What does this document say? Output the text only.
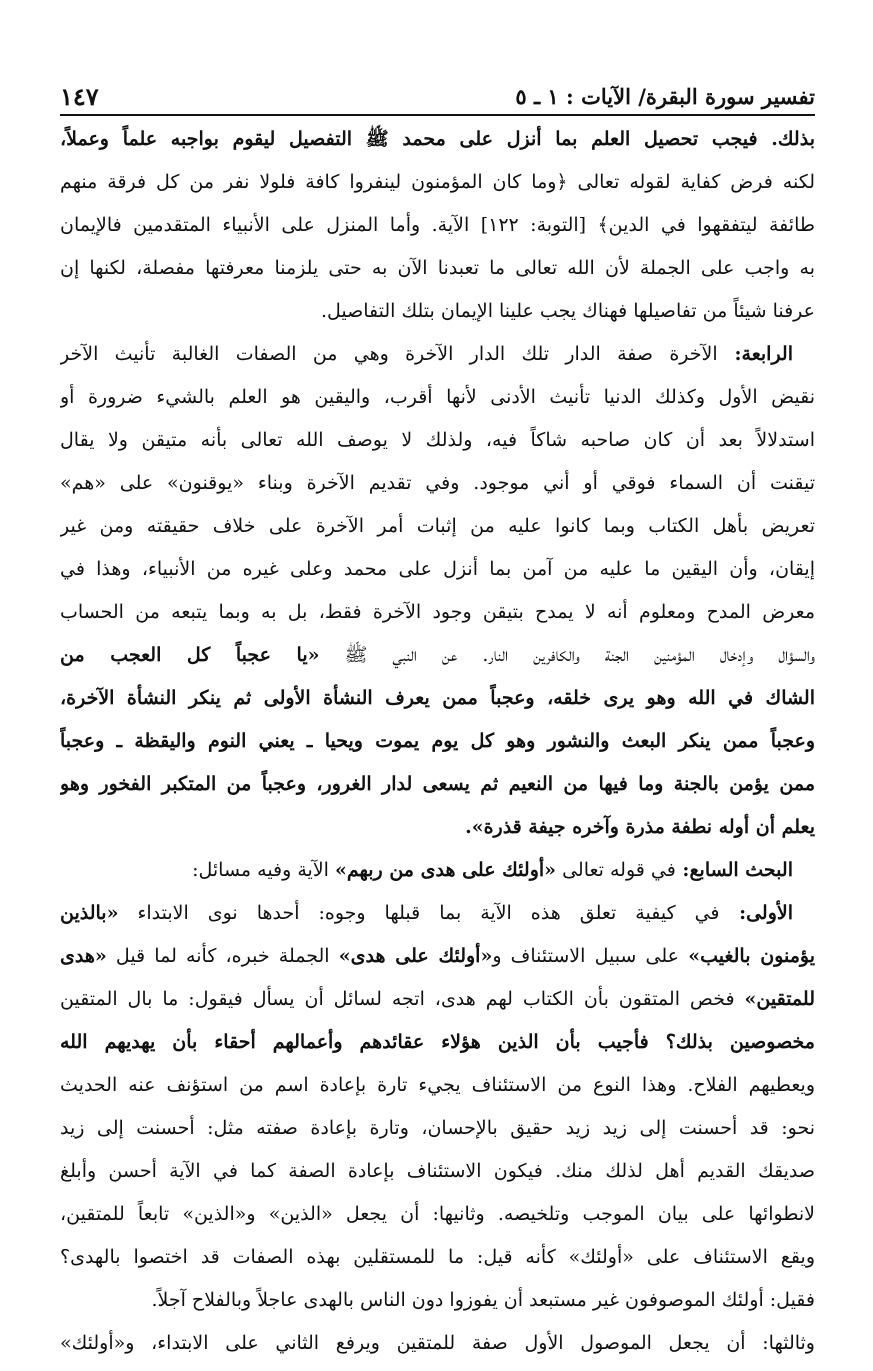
تفسير سورة البقرة/ الآيات : ١ ـ ٥
١٤٧
بذلك. فيجب تحصيل العلم بما أنزل على محمد ﷺ التفصيل ليقوم بواجبه علماً وعملاً،
لكنه فرض كفاية لقوله تعالى ﴿وما كان المؤمنون لينفروا كافة فلولا نفر من كل فرقة منهم
طائفة ليتفقهوا في الدين﴾ [التوبة: ١٢٢] الآية. وأما المنزل على الأنبياء المتقدمين فالإيمان
به واجب على الجملة لأن الله تعالى ما تعبدنا الآن به حتى يلزمنا معرفتها مفصلة، لكنها إن
عرفنا شيئاً من تفاصيلها فهناك يجب علينا الإيمان بتلك التفاصيل.
الرابعة: الآخرة صفة الدار تلك الدار الآخرة وهي من الصفات الغالبة تأنيث الآخر
نقيض الأول وكذلك الدنيا تأنيث الأدنى لأنها أقرب، واليقين هو العلم بالشيء ضرورة أو
استدلالاً بعد أن كان صاحبه شاكاً فيه، ولذلك لا يوصف الله تعالى بأنه متيقن ولا يقال
تيقنت أن السماء فوقي أو أني موجود. وفي تقديم الآخرة وبناء «يوقنون» على «هم»
تعريض بأهل الكتاب وبما كانوا عليه من إثبات أمر الآخرة على خلاف حقيقته ومن غير
إيقان، وأن اليقين ما عليه من آمن بما أنزل على محمد وعلى غيره من الأنبياء، وهذا في
معرض المدح ومعلوم أنه لا يمدح بتيقن وجود الآخرة فقط، بل به وبما يتبعه من الحساب
والسؤال وإدخال المؤمنين الجنة والكافرين النار. عن النبي ﷺ «يا عجباً كل العجب من
الشاك في الله وهو يرى خلقه، وعجباً ممن يعرف النشأة الأولى ثم ينكر النشأة الآخرة،
وعجباً ممن ينكر البعث والنشور وهو كل يوم يموت ويحيا ـ يعني النوم واليقظة ـ وعجباً
ممن يؤمن بالجنة وما فيها من النعيم ثم يسعى لدار الغرور، وعجباً من المتكبر الفخور وهو
يعلم أن أوله نطفة مذرة وآخره جيفة قذرة».
البحث السابع: في قوله تعالى «أولئك على هدى من ربهم» الآية وفيه مسائل:
الأولى: في كيفية تعلق هذه الآية بما قبلها وجوه: أحدها نوى الابتداء «بالذين
يؤمنون بالغيب» على سبيل الاستئناف و«أولئك على هدى» الجملة خبره، كأنه لما قيل «هدى
للمتقين» فخص المتقون بأن الكتاب لهم هدى، اتجه لسائل أن يسأل فيقول: ما بال المتقين
مخصوصين بذلك؟ فأجيب بأن الذين هؤلاء عقائدهم وأعمالهم أحقاء بأن يهديهم الله
ويعطيهم الفلاح. وهذا النوع من الاستئناف يجيء تارة بإعادة اسم من استؤنف عنه الحديث
نحو: قد أحسنت إلى زيد زيد حقيق بالإحسان، وتارة بإعادة صفته مثل: أحسنت إلى زيد
صديقك القديم أهل لذلك منك. فيكون الاستئناف بإعادة الصفة كما في الآية أحسن وأبلغ
لانطوائها على بيان الموجب وتلخيصه. وثانيها: أن يجعل «الذين» و«الذين» تابعاً للمتقين،
ويقع الاستئناف على «أولئك» كأنه قيل: ما للمستقلين بهذه الصفات قد اختصوا بالهدى؟
فقيل: أولئك الموصوفون غير مستبعد أن يفوزوا دون الناس بالهدى عاجلاً وبالفلاح آجلاً.
وثالثها: أن يجعل الموصول الأول صفة للمتقين ويرفع الثاني على الابتداء، و«أولئك»
